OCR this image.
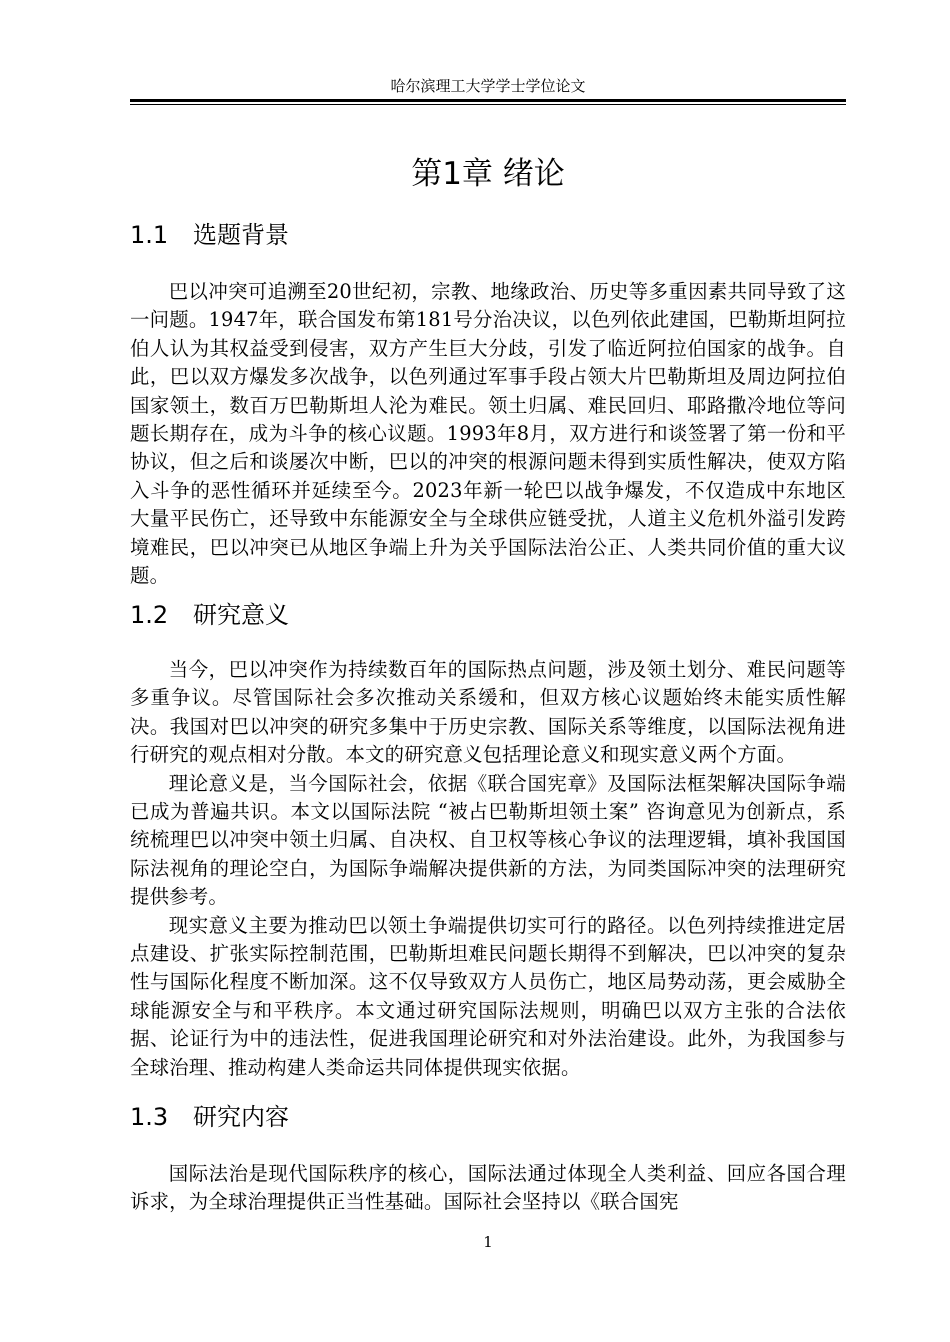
哈尔滨理工大学学士学位论文
第1章 绪论
1.1 选题背景

巴以冲突可追溯至20世纪初，宗教、地缘政治、历史等多重因素共同导致了这一问题。1947年，联合国发布第181号分治决议，以色列依此建国，巴勒斯坦阿拉伯人认为其权益受到侵害，双方产生巨大分歧，引发了临近阿拉伯国家的战争。自此，巴以双方爆发多次战争，以色列通过军事手段占领大片巴勒斯坦及周边阿拉伯国家领土，数百万巴勒斯坦人沦为难民。领土归属、难民回归、耶路撒冷地位等问题长期存在，成为斗争的核心议题。1993年8月，双方进行和谈签署了第一份和平协议，但之后和谈屡次中断，巴以的冲突的根源问题未得到实质性解决，使双方陷入斗争的恶性循环并延续至今。2023年新一轮巴以战争爆发，不仅造成中东地区大量平民伤亡，还导致中东能源安全与全球供应链受扰，人道主义危机外溢引发跨境难民，巴以冲突已从地区争端上升为关乎国际法治公正、人类共同价值的重大议题。

1.2 研究意义

当今，巴以冲突作为持续数百年的国际热点问题，涉及领土划分、难民问题等多重争议。尽管国际社会多次推动关系缓和，但双方核心议题始终未能实质性解决。我国对巴以冲突的研究多集中于历史宗教、国际关系等维度，以国际法视角进行研究的观点相对分散。本文的研究意义包括理论意义和现实意义两个方面。

理论意义是，当今国际社会，依据《联合国宪章》及国际法框架解决国际争端已成为普遍共识。本文以国际法院 “被占巴勒斯坦领土案” 咨询意见为创新点，系统梳理巴以冲突中领土归属、自决权、自卫权等核心争议的法理逻辑，填补我国国际法视角的理论空白，为国际争端解决提供新的方法，为同类国际冲突的法理研究提供参考。

现实意义主要为推动巴以领土争端提供切实可行的路径。以色列持续推进定居点建设、扩张实际控制范围，巴勒斯坦难民问题长期得不到解决，巴以冲突的复杂性与国际化程度不断加深。这不仅导致双方人员伤亡，地区局势动荡，更会威胁全球能源安全与和平秩序。本文通过研究国际法规则，明确巴以双方主张的合法依据、论证行为中的违法性，促进我国理论研究和对外法治建设。此外，为我国参与全球治理、推动构建人类命运共同体提供现实依据。

1.3 研究内容

国际法治是现代国际秩序的核心，国际法通过体现全人类利益、回应各国合理诉求，为全球治理提供正当性基础。国际社会坚持以《联合国宪

1
